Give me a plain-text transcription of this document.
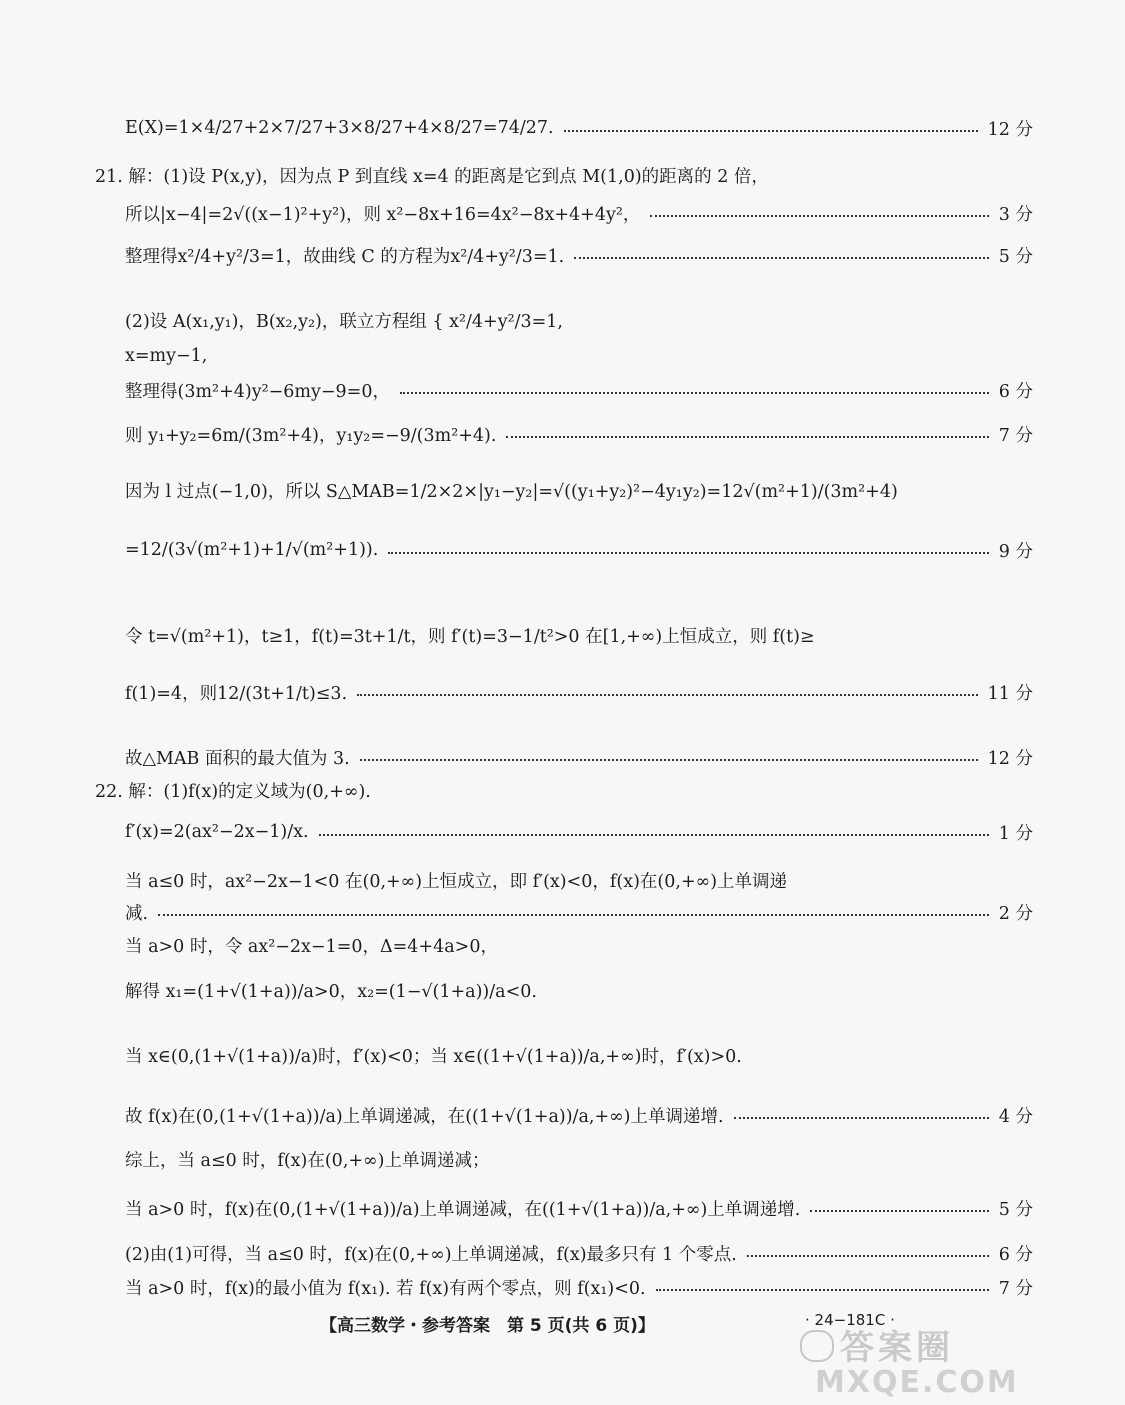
E(X)=1×4/27+2×7/27+3×8/27+4×8/27=74/27.	12 分
21. 解：(1)设 P(x,y)，因为点 P 到直线 x=4 的距离是它到点 M(1,0)的距离的 2 倍，
所以|x−4|=2√((x−1)²+y²)，则 x²−8x+16=4x²−8x+4+4y²，	3 分
整理得x²/4+y²/3=1，故曲线 C 的方程为x²/4+y²/3=1.	5 分
(2)设 A(x₁,y₁)，B(x₂,y₂)，联立方程组 { x²/4+y²/3=1,
x=my−1,
整理得(3m²+4)y²−6my−9=0，	6 分
则 y₁+y₂=6m/(3m²+4)，y₁y₂=−9/(3m²+4).	7 分
因为 l 过点(−1,0)，所以 S△MAB=1/2×2×|y₁−y₂|=√((y₁+y₂)²−4y₁y₂)=12√(m²+1)/(3m²+4)
=12/(3√(m²+1)+1/√(m²+1)).	9 分
令 t=√(m²+1)，t≥1，f(t)=3t+1/t，则 f′(t)=3−1/t²>0 在[1,+∞)上恒成立，则 f(t)≥
f(1)=4，则12/(3t+1/t)≤3.	11 分
故△MAB 面积的最大值为 3.	12 分
22. 解：(1)f(x)的定义域为(0,+∞).
f′(x)=2(ax²−2x−1)/x.	1 分
当 a≤0 时，ax²−2x−1<0 在(0,+∞)上恒成立，即 f′(x)<0，f(x)在(0,+∞)上单调递
减.	2 分
当 a>0 时，令 ax²−2x−1=0，Δ=4+4a>0，
解得 x₁=(1+√(1+a))/a>0，x₂=(1−√(1+a))/a<0.
当 x∈(0,(1+√(1+a))/a)时，f′(x)<0；当 x∈((1+√(1+a))/a,+∞)时，f′(x)>0.
故 f(x)在(0,(1+√(1+a))/a)上单调递减，在((1+√(1+a))/a,+∞)上单调递增.	4 分
综上，当 a≤0 时，f(x)在(0,+∞)上单调递减；
当 a>0 时，f(x)在(0,(1+√(1+a))/a)上单调递减，在((1+√(1+a))/a,+∞)上单调递增.	5 分
(2)由(1)可得，当 a≤0 时，f(x)在(0,+∞)上单调递减，f(x)最多只有 1 个零点.	6 分
当 a>0 时，f(x)的最小值为 f(x₁). 若 f(x)有两个零点，则 f(x₁)<0.	7 分
【高三数学・参考答案　第 5 页(共 6 页)】	· 24−181C ·
答案圈
MXQE.COM
